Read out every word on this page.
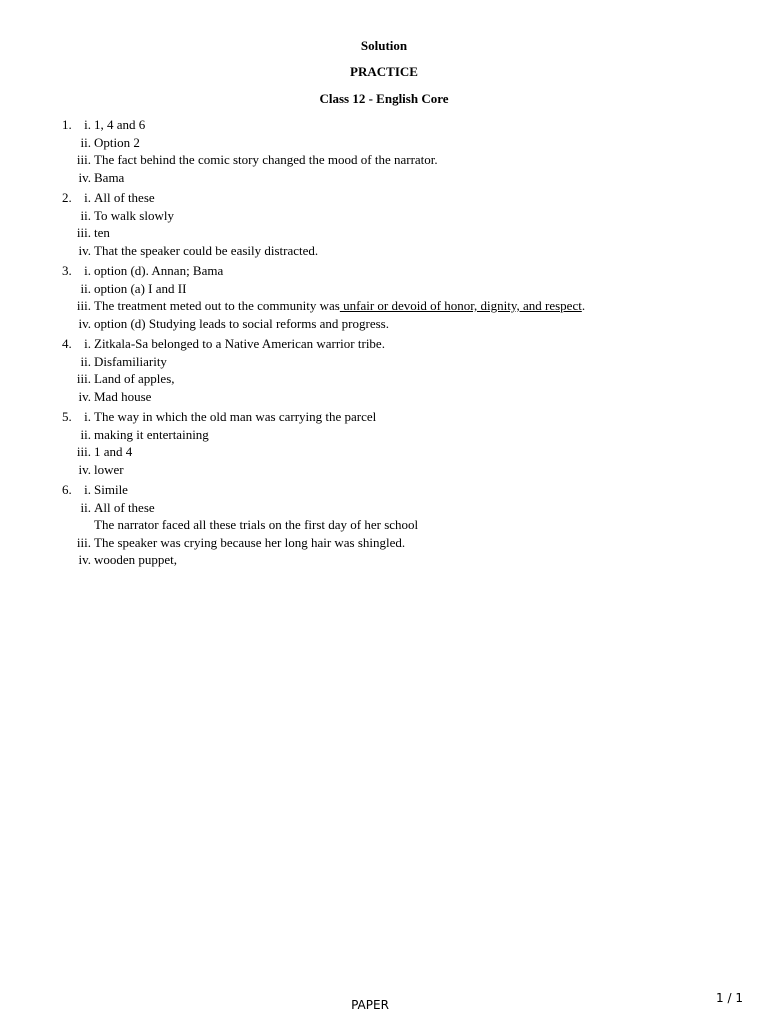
Solution
PRACTICE
Class 12 - English Core
1. i. 1, 4 and 6
ii. Option 2
iii. The fact behind the comic story changed the mood of the narrator.
iv. Bama
2. i. All of these
ii. To walk slowly
iii. ten
iv. That the speaker could be easily distracted.
3. i. option (d). Annan; Bama
ii. option (a) I and II
iii. The treatment meted out to the community was unfair or devoid of honor, dignity, and respect.
iv. option (d) Studying leads to social reforms and progress.
4. i. Zitkala-Sa belonged to a Native American warrior tribe.
ii. Disfamiliarity
iii. Land of apples,
iv. Mad house
5. i. The way in which the old man was carrying the parcel
ii. making it entertaining
iii. 1 and 4
iv. lower
6. i. Simile
ii. All of these
The narrator faced all these trials on the first day of her school
iii. The speaker was crying because her long hair was shingled.
iv. wooden puppet,
PAPER	1 / 1
